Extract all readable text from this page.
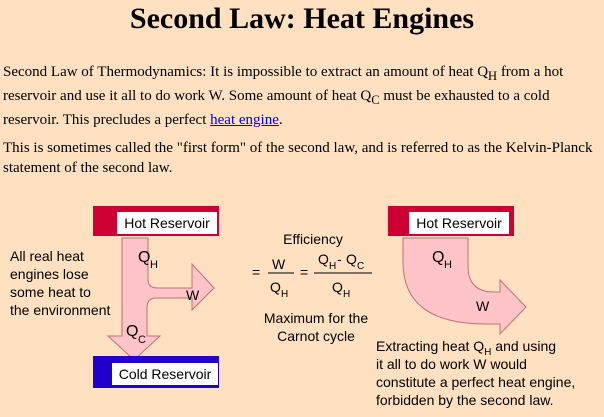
Second Law: Heat Engines

Second Law of Thermodynamics: It is impossible to extract an amount of heat $Q_H$ from a hot reservoir and use it all to do work W. Some amount of heat $Q_C$ must be exhausted to a cold reservoir. This precludes a perfect heat engine.

This is sometimes called the "first form" of the second law, and is referred to as the Kelvin-Planck statement of the second law.

Hot Reservoir
Q H
W
Q C
Cold Reservoir
All real heat
engines lose
some heat to
the environment
Efficiency
= W
Q H
=
Q H - Q C
Q H
Maximum for the
Carnot cycle
Hot Reservoir
Q H
W
Extracting heat $Q_H$ and using
it all to do work W would
constitute a perfect heat engine,
forbidden by the second law.
